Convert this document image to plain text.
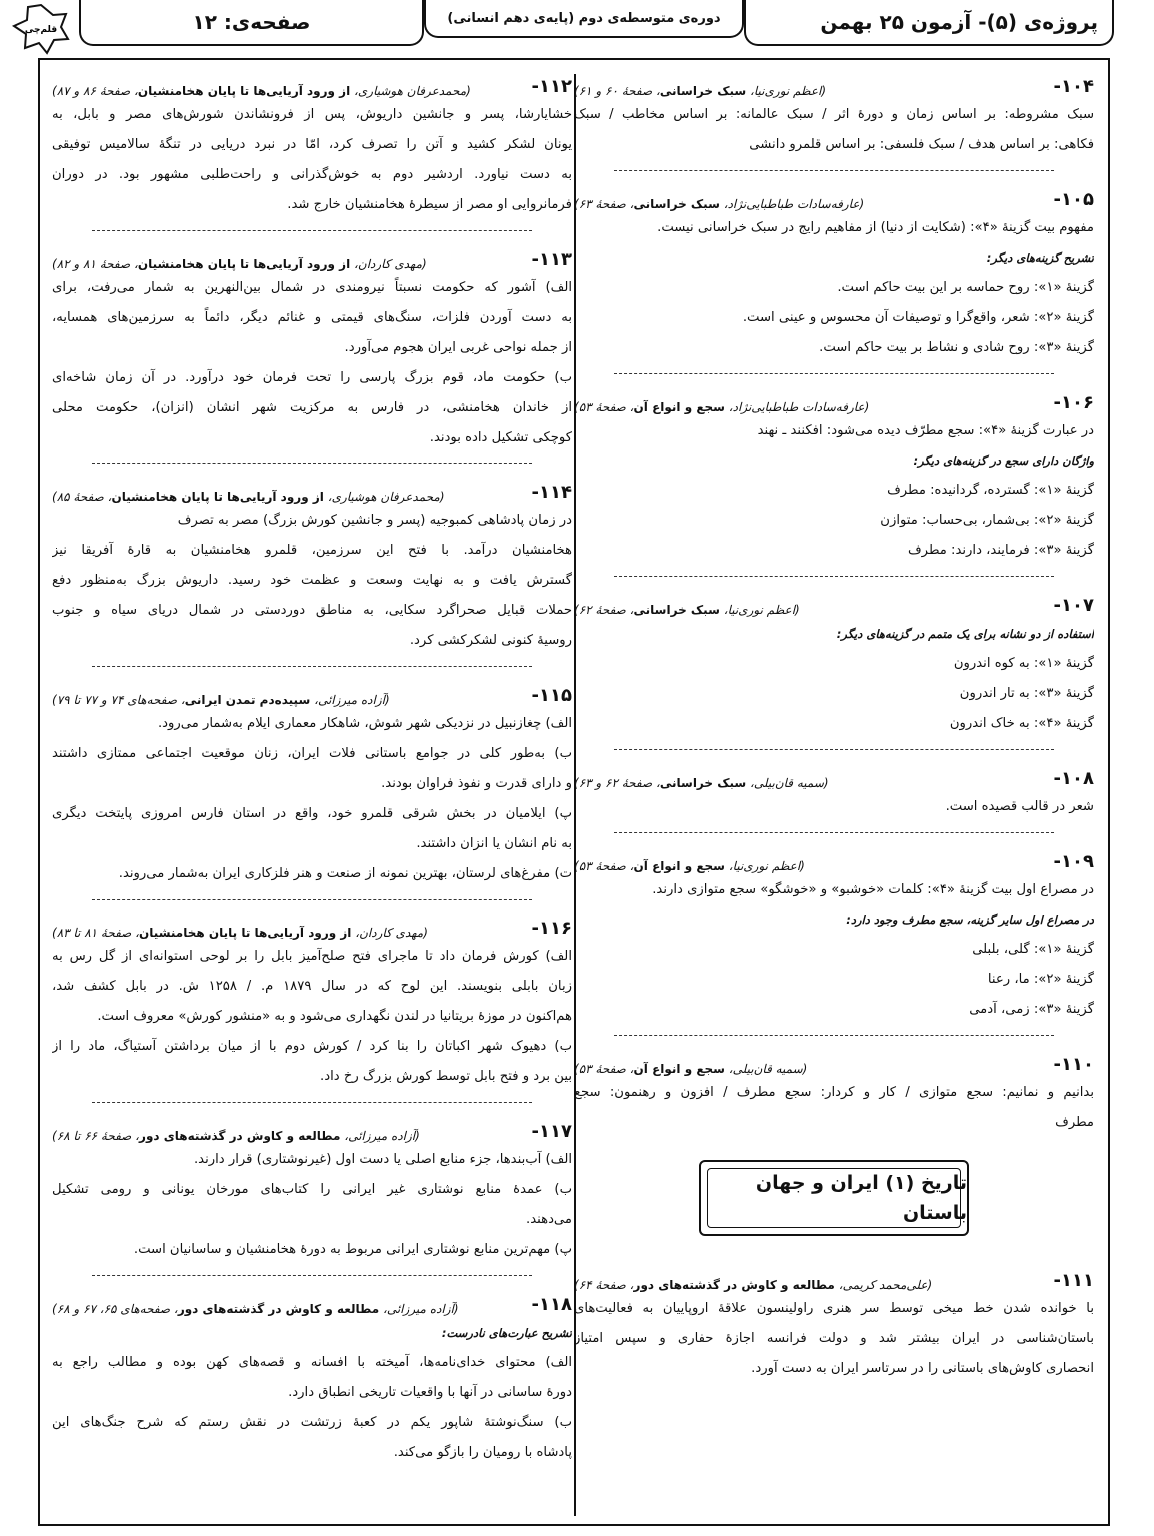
پروژه‌ی (۵)- آزمون ۲۵ بهمن
دوره‌ی متوسطه‌ی دوم (پایه‌ی دهم انسانی)
صفحه‌ی: ۱۲
قلم‌چی
۱۰۴-
(اعظم نوری‌نیا، سبک خراسانی، صفحهٔ ۶۰ و ۶۱)
سبک مشروطه: بر اساس زمان و دورهٔ اثر / سبک عالمانه: بر اساس مخاطب / سبک
فکاهی: بر اساس هدف / سبک فلسفی: بر اساس قلمرو دانشی
۱۰۵-
(عارفه‌سادات طباطبایی‌نژاد، سبک خراسانی، صفحهٔ ۶۳)
مفهوم بیت گزینهٔ «۴»: (شکایت از دنیا) از مفاهیم رایج در سبک خراسانی نیست.
تشریح گزینه‌های دیگر:
گزینهٔ «۱»: روح حماسه بر این بیت حاکم است.
گزینهٔ «۲»: شعر، واقع‌گرا و توصیفات آن محسوس و عینی است.
گزینهٔ «۳»: روح شادی و نشاط بر بیت حاکم است.
۱۰۶-
(عارفه‌سادات طباطبایی‌نژاد، سجع و انواع آن، صفحهٔ ۵۳)
در عبارت گزینهٔ «۴»: سجع مطرّف دیده می‌شود: افکنند ـ نهند
واژگان دارای سجع در گزینه‌های دیگر:
گزینهٔ «۱»: گسترده، گردانیده: مطرف
گزینهٔ «۲»: بی‌شمار، بی‌حساب: متوازن
گزینهٔ «۳»: فرمایند، دارند: مطرف
۱۰۷-
(اعظم نوری‌نیا، سبک خراسانی، صفحهٔ ۶۲)
استفاده از دو نشانه برای یک متمم در گزینه‌های دیگر:
گزینهٔ «۱»: به کوه اندرون
گزینهٔ «۳»: به تار اندرون
گزینهٔ «۴»: به خاک اندرون
۱۰۸-
(سمیه قان‌بیلی، سبک خراسانی، صفحهٔ ۶۲ و ۶۳)
شعر در قالب قصیده است.
۱۰۹-
(اعظم نوری‌نیا، سجع و انواع آن، صفحهٔ ۵۳)
در مصراع اول بیت گزینهٔ «۴»: کلمات «خوشبو» و «خوشگو» سجع متوازی دارند.
در مصراع اول سایر گزینه، سجع مطرف وجود دارد:
گزینهٔ «۱»: گلی، بلبلی
گزینهٔ «۲»: ما، رعنا
گزینهٔ «۳»: زمی، آدمی
۱۱۰-
(سمیه قان‌بیلی، سجع و انواع آن، صفحهٔ ۵۳)
بدانیم و نمانیم: سجع متوازی / کار و کردار: سجع مطرف / افزون و رهنمون: سجع
مطرف
تاریخ (۱) ایران و جهان باستان
۱۱۱-
(علی‌محمد کریمی، مطالعه و کاوش در گذشته‌های دور، صفحهٔ ۶۴)
با خوانده شدن خط میخی توسط سر هنری راولینسون علاقهٔ اروپاییان به فعالیت‌های
باستان‌شناسی در ایران بیشتر شد و دولت فرانسه اجازهٔ حفاری و سپس امتیاز
انحصاری کاوش‌های باستانی را در سرتاسر ایران به دست آورد.
۱۱۲-
(محمدعرفان هوشیاری، از ورود آریایی‌ها تا پایان هخامنشیان، صفحهٔ ۸۶ و ۸۷)
خشایارشا، پسر و جانشین داریوش، پس از فرونشاندن شورش‌های مصر و بابل، به
یونان لشکر کشید و آتن را تصرف کرد، امّا در نبرد دریایی در تنگهٔ سالامیس توفیقی
به دست نیاورد. اردشیر دوم به خوش‌گذرانی و راحت‌طلبی مشهور بود. در دوران
فرمانروایی او مصر از سیطرهٔ هخامنشیان خارج شد.
۱۱۳-
(مهدی کاردان، از ورود آریایی‌ها تا پایان هخامنشیان، صفحهٔ ۸۱ و ۸۲)
الف) آشور که حکومت نسبتاً نیرومندی در شمال بین‌النهرین به شمار می‌رفت، برای
به دست آوردن فلزات، سنگ‌های قیمتی و غنائم دیگر، دائماً به سرزمین‌های همسایه،
از جمله نواحی غربی ایران هجوم می‌آورد.
ب) حکومت ماد، قوم بزرگ پارسی را تحت فرمان خود درآورد. در آن زمان شاخه‌ای
از خاندان هخامنشی، در فارس به مرکزیت شهر انشان (انزان)، حکومت محلی
کوچکی تشکیل داده بودند.
۱۱۴-
(محمدعرفان هوشیاری، از ورود آریایی‌ها تا پایان هخامنشیان، صفحهٔ ۸۵)
در زمان پادشاهی کمبوجیه (پسر و جانشین کورش بزرگ) مصر به تصرف
هخامنشیان درآمد. با فتح این سرزمین، قلمرو هخامنشیان به قارهٔ آفریقا نیز
گسترش یافت و به نهایت وسعت و عظمت خود رسید. داریوش بزرگ به‌منظور دفع
حملات قبایل صحراگرد سکایی، به مناطق دوردستی در شمال دریای سیاه و جنوب
روسیهٔ کنونی لشکرکشی کرد.
۱۱۵-
(آزاده میرزائی، سپیده‌دم تمدن ایرانی، صفحه‌های ۷۴ و ۷۷ تا ۷۹)
الف) چغازنبیل در نزدیکی شهر شوش، شاهکار معماری ایلام به‌شمار می‌رود.
ب) به‌طور کلی در جوامع باستانی فلات ایران، زنان موقعیت اجتماعی ممتازی داشتند
و دارای قدرت و نفوذ فراوان بودند.
پ) ایلامیان در بخش شرقی قلمرو خود، واقع در استان فارس امروزی پایتخت دیگری
به نام انشان یا انزان داشتند.
ت) مفرغ‌های لرستان، بهترین نمونه از صنعت و هنر فلزکاری ایران به‌شمار می‌روند.
۱۱۶-
(مهدی کاردان، از ورود آریایی‌ها تا پایان هخامنشیان، صفحهٔ ۸۱ تا ۸۳)
الف) کورش فرمان داد تا ماجرای فتح صلح‌آمیز بابل را بر لوحی استوانه‌ای از گل رس به
زبان بابلی بنویسند. این لوح که در سال ۱۸۷۹ م. / ۱۲۵۸ ش. در بابل کشف شد،
هم‌اکنون در موزهٔ بریتانیا در لندن نگهداری می‌شود و به «منشور کورش» معروف است.
ب) دهیوک شهر اکباتان را بنا کرد / کورش دوم با از میان برداشتن آستیاگ، ماد را از
بین برد و فتح بابل توسط کورش بزرگ رخ داد.
۱۱۷-
(آزاده میرزائی، مطالعه و کاوش در گذشته‌های دور، صفحهٔ ۶۶ تا ۶۸)
الف) آب‌بندها، جزء منابع اصلی یا دست اول (غیرنوشتاری) قرار دارند.
ب) عمدهٔ منابع نوشتاری غیر ایرانی را کتاب‌های مورخان یونانی و رومی تشکیل
می‌دهند.
پ) مهم‌ترین منابع نوشتاری ایرانی مربوط به دورهٔ هخامنشیان و ساسانیان است.
۱۱۸-
(آزاده میرزائی، مطالعه و کاوش در گذشته‌های دور، صفحه‌های ۶۵، ۶۷ و ۶۸)
تشریح عبارت‌های نادرست:
الف) محتوای خدای‌نامه‌ها، آمیخته با افسانه و قصه‌های کهن بوده و مطالب راجع به
دورهٔ ساسانی در آنها با واقعیات تاریخی انطباق دارد.
ب) سنگ‌نوشتهٔ شاپور یکم در کعبهٔ زرتشت در نقش رستم که شرح جنگ‌های این
پادشاه با رومیان را بازگو می‌کند.
